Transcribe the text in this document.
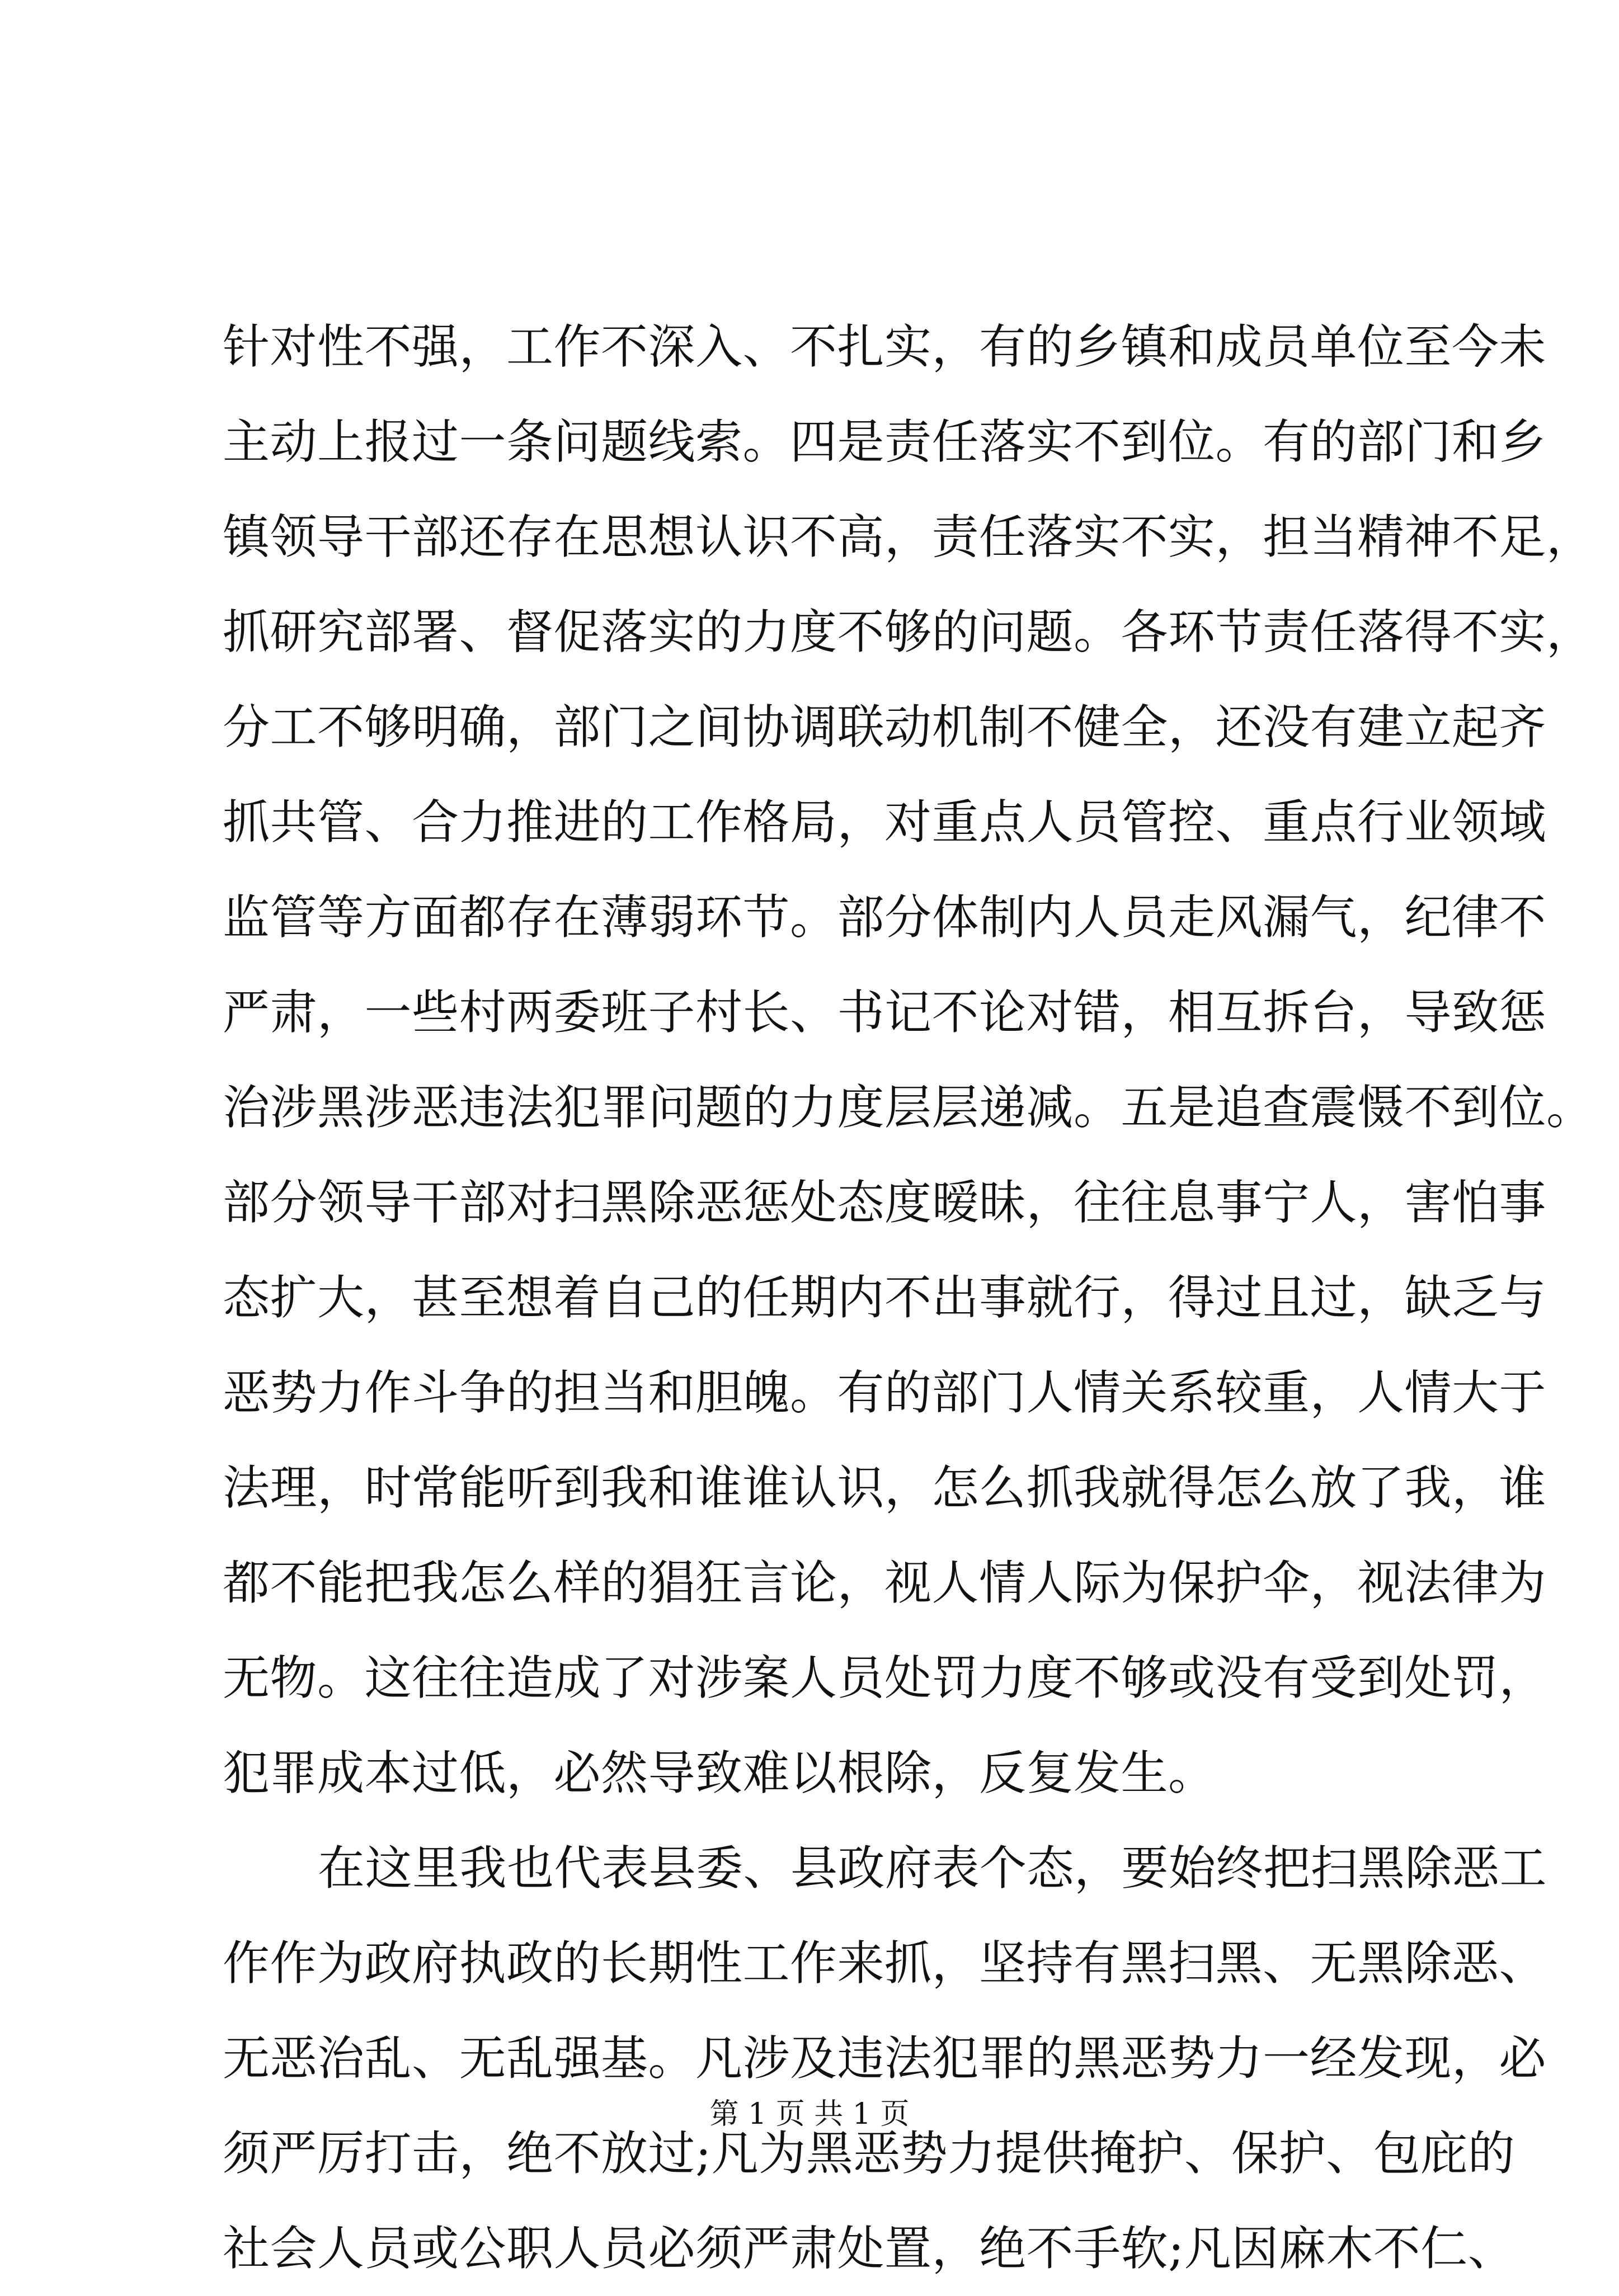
针对性不强，工作不深入、不扎实，有的乡镇和成员单位至今未
主动上报过一条问题线索。四是责任落实不到位。有的部门和乡
镇领导干部还存在思想认识不高，责任落实不实，担当精神不足，
抓研究部署、督促落实的力度不够的问题。各环节责任落得不实，
分工不够明确，部门之间协调联动机制不健全，还没有建立起齐
抓共管、合力推进的工作格局，对重点人员管控、重点行业领域
监管等方面都存在薄弱环节。部分体制内人员走风漏气，纪律不
严肃，一些村两委班子村长、书记不论对错，相互拆台，导致惩
治涉黑涉恶违法犯罪问题的力度层层递减。五是追查震慑不到位。
部分领导干部对扫黑除恶惩处态度暧昧，往往息事宁人，害怕事
态扩大，甚至想着自己的任期内不出事就行，得过且过，缺乏与
恶势力作斗争的担当和胆魄。有的部门人情关系较重，人情大于
法理，时常能听到我和谁谁认识，怎么抓我就得怎么放了我，谁
都不能把我怎么样的猖狂言论，视人情人际为保护伞，视法律为
无物。这往往造成了对涉案人员处罚力度不够或没有受到处罚，
犯罪成本过低，必然导致难以根除，反复发生。
在这里我也代表县委、县政府表个态，要始终把扫黑除恶工
作作为政府执政的长期性工作来抓，坚持有黑扫黑、无黑除恶、
无恶治乱、无乱强基。凡涉及违法犯罪的黑恶势力一经发现，必
须严厉打击，绝不放过;凡为黑恶势力提供掩护、保护、包庇的
社会人员或公职人员必须严肃处置，绝不手软;凡因麻木不仁、
第 1 页 共 1 页
